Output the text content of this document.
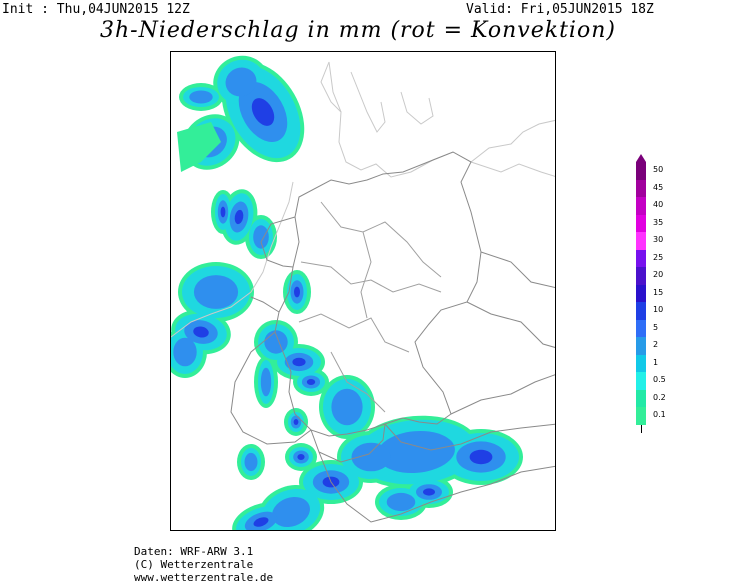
Init : Thu,04JUN2015 12Z	Valid: Fri,05JUN2015 18Z
3h-Niederschlag in mm (rot = Konvektion)
50
45
40
35
30
25
20
15
10
5
2
1
0.5
0.2
0.1
Daten: WRF-ARW 3.1
(C) Wetterzentrale
www.wetterzentrale.de
